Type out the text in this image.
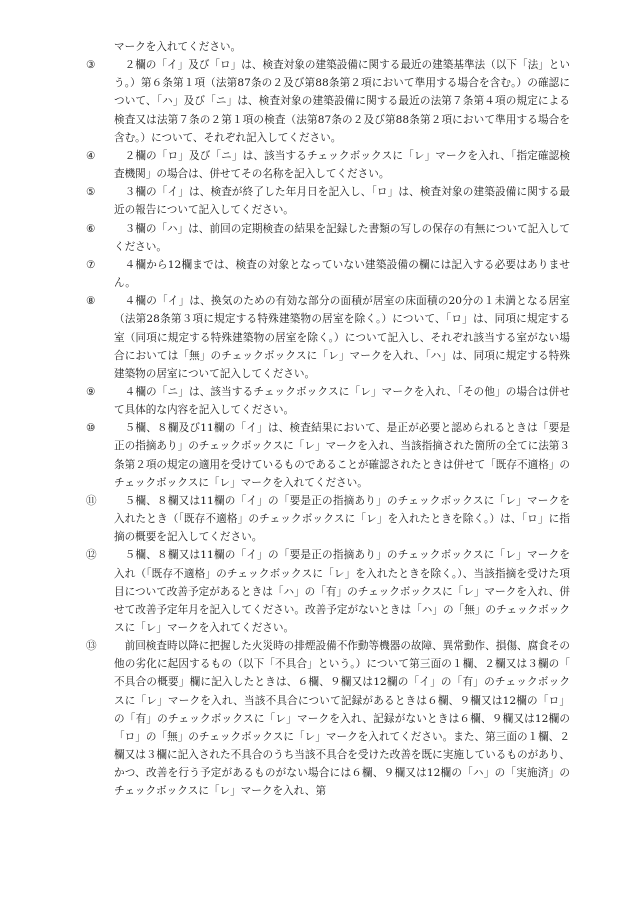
マークを入れてください。

③	２欄の「イ」及び「ロ」は、検査対象の建築設備に関する最近の建築基準法（以下「法」という。）第６条第１項（法第87条の２及び第88条第２項において準用する場合を含む。）の確認について、「ハ」及び「ニ」は、検査対象の建築設備に関する最近の法第７条第４項の規定による検査又は法第７条の２第１項の検査（法第87条の２及び第88条第２項において準用する場合を含む。）について、それぞれ記入してください。
④	２欄の「ロ」及び「ニ」は、該当するチェックボックスに「レ」マークを入れ、「指定確認検査機関」の場合は、併せてその名称を記入してください。
⑤	３欄の「イ」は、検査が終了した年月日を記入し、「ロ」は、検査対象の建築設備に関する最近の報告について記入してください。
⑥	３欄の「ハ」は、前回の定期検査の結果を記録した書類の写しの保存の有無について記入してください。
⑦	４欄から12欄までは、検査の対象となっていない建築設備の欄には記入する必要はありません。
⑧	４欄の「イ」は、換気のための有効な部分の面積が居室の床面積の20分の１未満となる居室（法第28条第３項に規定する特殊建築物の居室を除く。）について、「ロ」は、同項に規定する室（同項に規定する特殊建築物の居室を除く。）について記入し、それぞれ該当する室がない場合においては「無」のチェックボックスに「レ」マークを入れ、「ハ」は、同項に規定する特殊建築物の居室について記入してください。
⑨	４欄の「ニ」は、該当するチェックボックスに「レ」マークを入れ、「その他」の場合は併せて具体的な内容を記入してください。
⑩	５欄、８欄及び11欄の「イ」は、検査結果において、是正が必要と認められるときは「要是正の指摘あり」のチェックボックスに「レ」マークを入れ、当該指摘された箇所の全てに法第３条第２項の規定の適用を受けているものであることが確認されたときは併せて「既存不適格」のチェックボックスに「レ」マークを入れてください。
⑪	５欄、８欄又は11欄の「イ」の「要是正の指摘あり」のチェックボックスに「レ」マークを入れたとき（「既存不適格」のチェックボックスに「レ」を入れたときを除く。）は、「ロ」に指摘の概要を記入してください。
⑫	５欄、８欄又は11欄の「イ」の「要是正の指摘あり」のチェックボックスに「レ」マークを入れ（「既存不適格」のチェックボックスに「レ」を入れたときを除く。）、当該指摘を受けた項目について改善予定があるときは「ハ」の「有」のチェックボックスに「レ」マークを入れ、併せて改善予定年月を記入してください。改善予定がないときは「ハ」の「無」のチェックボックスに「レ」マークを入れてください。
⑬	前回検査時以降に把握した火災時の排煙設備不作動等機器の故障、異常動作、損傷、腐食その他の劣化に起因するもの（以下「不具合」という。）について第三面の１欄、２欄又は３欄の「不具合の概要」欄に記入したときは、６欄、９欄又は12欄の「イ」の「有」のチェックボックスに「レ」マークを入れ、当該不具合について記録があるときは６欄、９欄又は12欄の「ロ」の「有」のチェックボックスに「レ」マークを入れ、記録がないときは６欄、９欄又は12欄の「ロ」の「無」のチェックボックスに「レ」マークを入れてください。また、第三面の１欄、２欄又は３欄に記入された不具合のうち当該不具合を受けた改善を既に実施しているものがあり、かつ、改善を行う予定があるものがない場合には６欄、９欄又は12欄の「ハ」の「実施済」のチェックボックスに「レ」マークを入れ、第
